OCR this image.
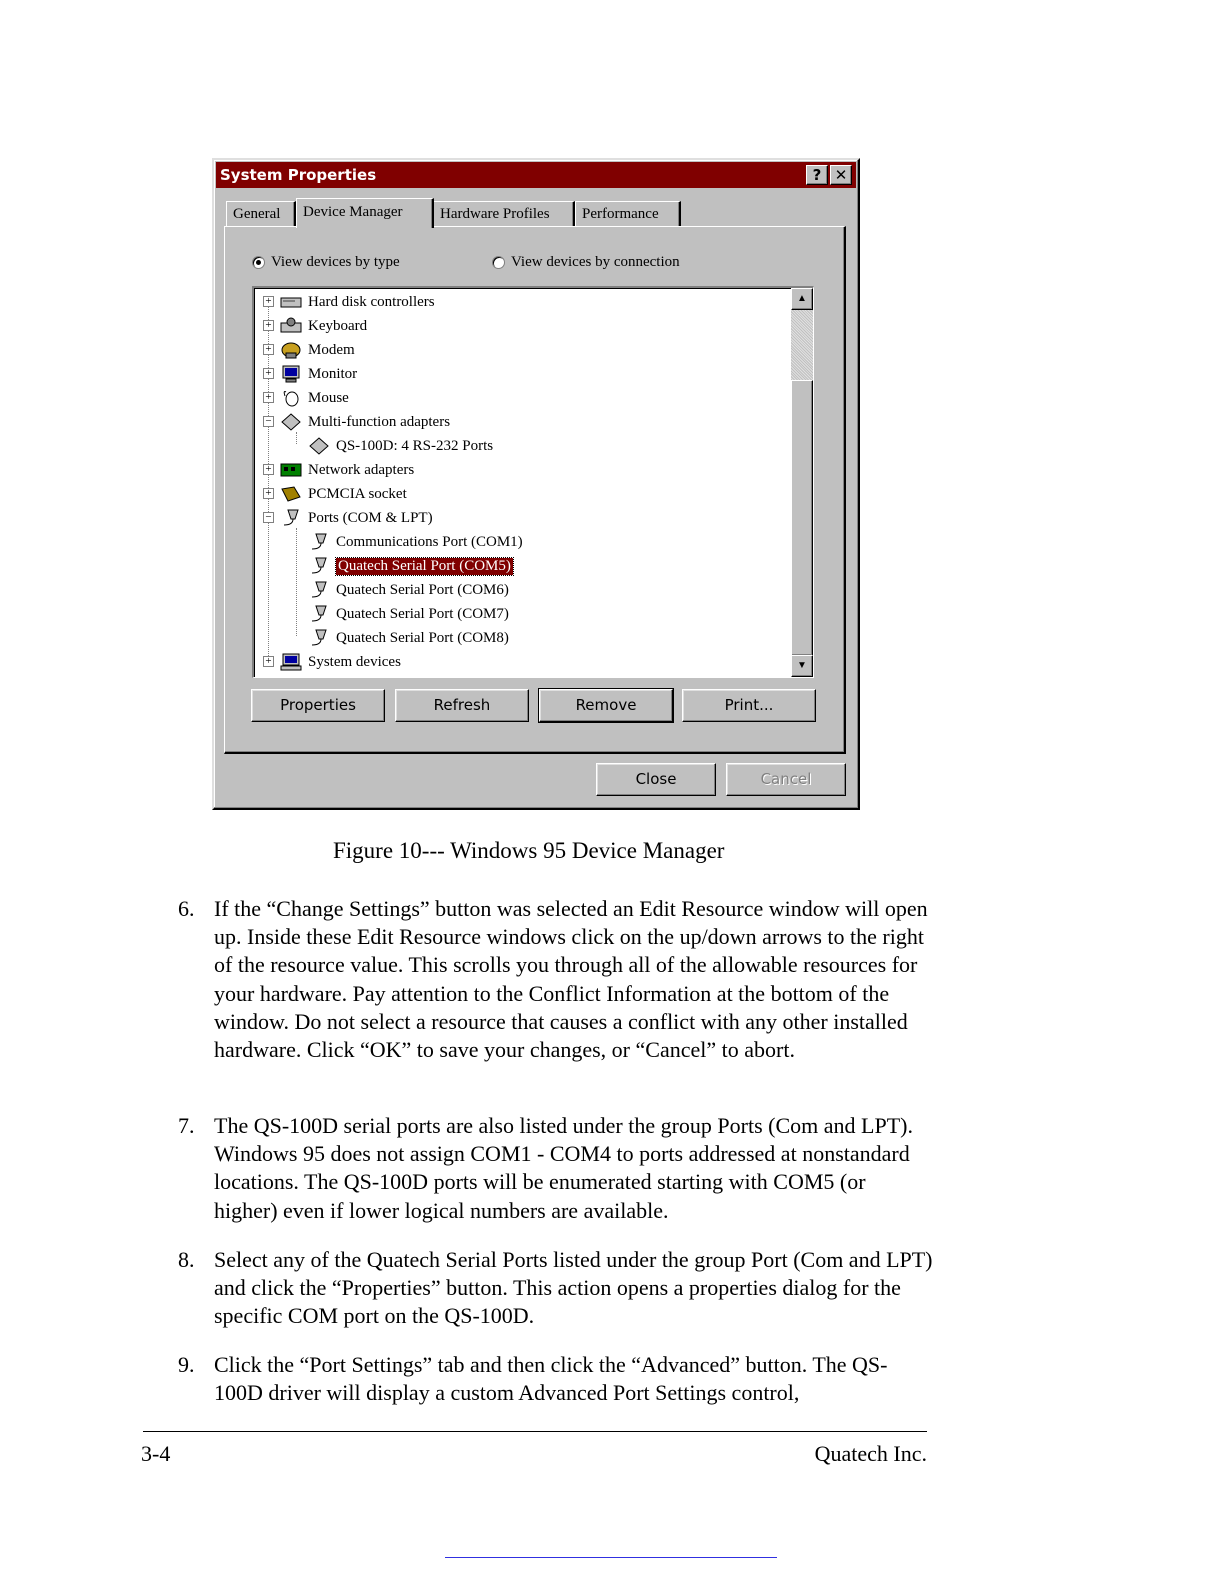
System Properties	? ✕
General	Device Manager	Hardware Profiles	Performance
View devices by type	View devices by connection
Hard disk controllers
Keyboard
Modem
Monitor
Mouse
Multi-function adapters
QS-100D: 4 RS-232 Ports
Network adapters
PCMCIA socket
Ports (COM & LPT)
Communications Port (COM1)
Quatech Serial Port (COM5)
Quatech Serial Port (COM6)
Quatech Serial Port (COM7)
Quatech Serial Port (COM8)
System devices
+
+
+
+
+
−
+
+
−
+
▲
▼
Properties	Refresh	Remove	Print...
Close	Cancel
Figure 10--- Windows 95 Device Manager
6. If the “Change Settings” button was selected an Edit Resource window will open up. Inside these Edit Resource windows click on the up/down arrows to the right of the resource value. This scrolls you through all of the allowable resources for your hardware. Pay attention to the Conflict Information at the bottom of the window. Do not select a resource that causes a conflict with any other installed hardware. Click “OK” to save your changes, or “Cancel” to abort.
7. The QS-100D serial ports are also listed under the group Ports (Com and LPT). Windows 95 does not assign COM1 - COM4 to ports addressed at nonstandard locations. The QS-100D ports will be enumerated starting with COM5 (or higher) even if lower logical numbers are available.
8. Select any of the Quatech Serial Ports listed under the group Port (Com and LPT) and click the “Properties” button. This action opens a properties dialog for the specific COM port on the QS-100D.
9. Click the “Port Settings” tab and then click the “Advanced” button. The QS-100D driver will display a custom Advanced Port Settings control,
3-4	Quatech Inc.
